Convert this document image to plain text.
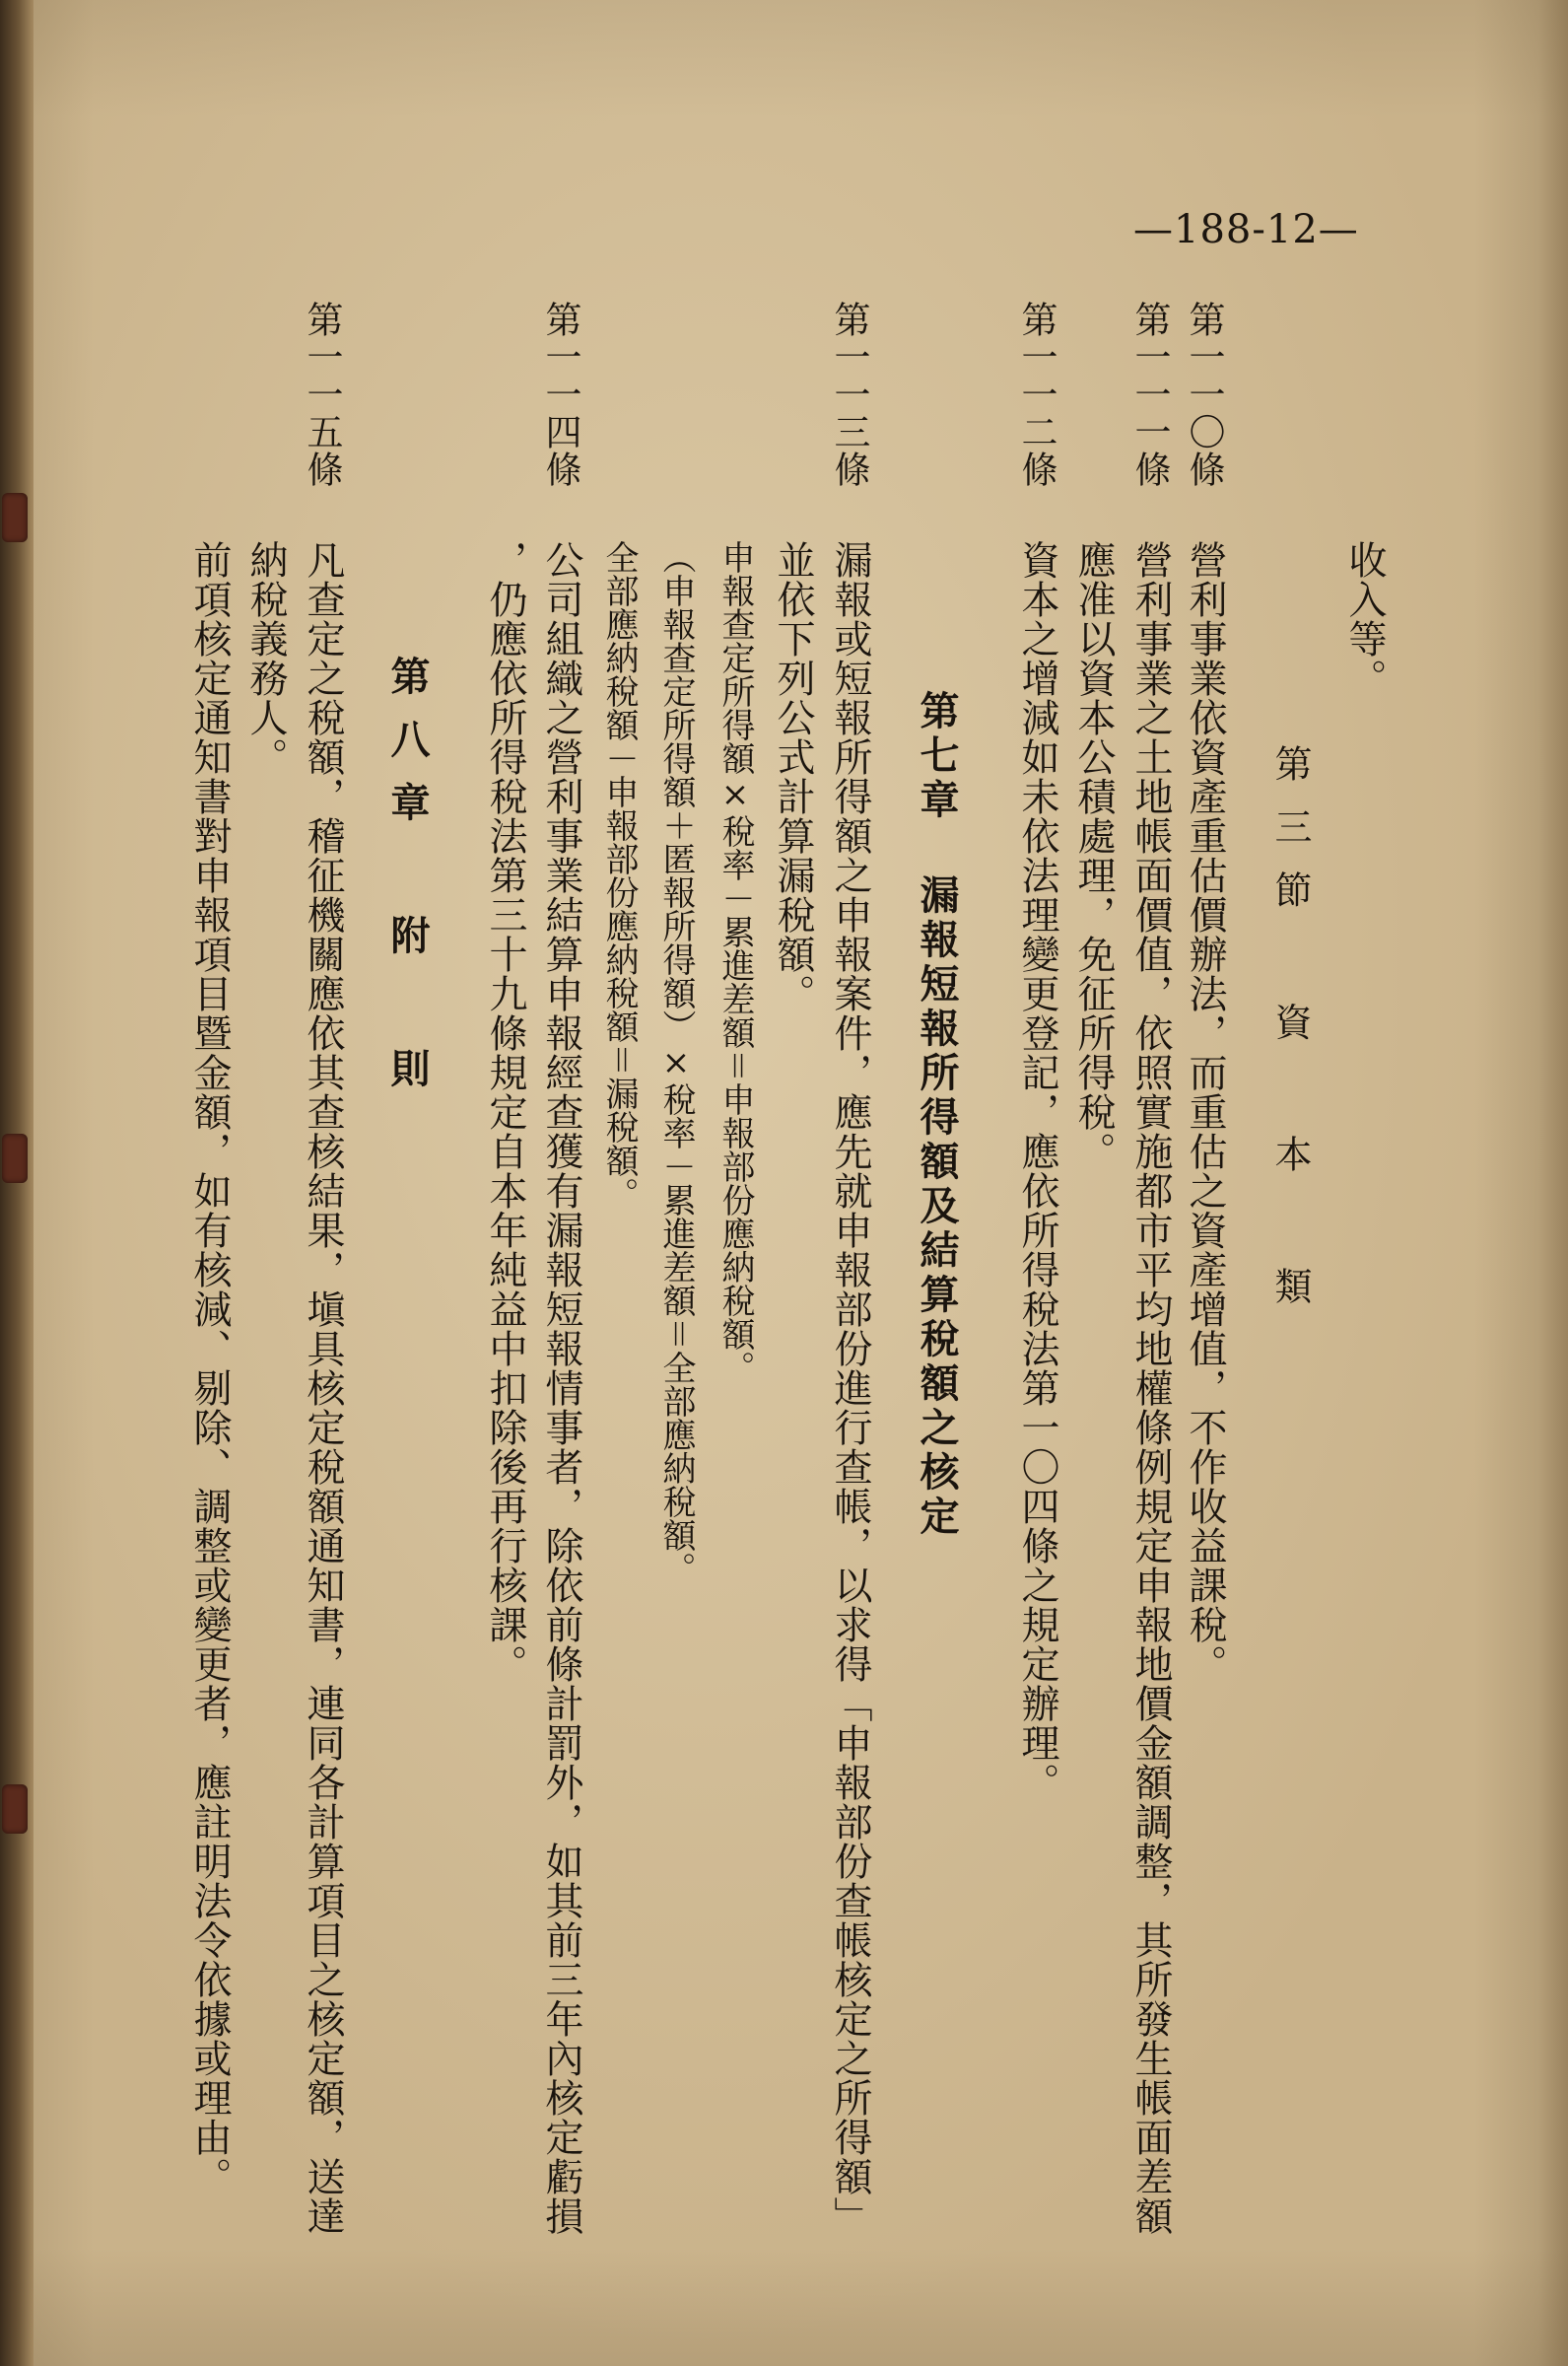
—188-12—
收入等。
第三節 資 本 類
第一一〇條
營利事業依資產重估價辦法，而重估之資產增值，不作收益課稅。
第一一一條
營利事業之土地帳面價值，依照實施都市平均地權條例規定申報地價金額調整，其所發生帳面差額
應准以資本公積處理，免征所得稅。
第一一二條
資本之增減如未依法理變更登記，應依所得稅法第一〇四條之規定辦理。
第七章 漏報短報所得額及結算稅額之核定
第一一三條
漏報或短報所得額之申報案件，應先就申報部份進行查帳，以求得「申報部份查帳核定之所得額」
並依下列公式計算漏稅額。
申報查定所得額×稅率－累進差額＝申報部份應納稅額。
（申報查定所得額＋匿報所得額）×稅率－累進差額＝全部應納稅額。
全部應納稅額－申報部份應納稅額＝漏稅額。
第一一四條
公司組織之營利事業結算申報經查獲有漏報短報情事者，除依前條計罰外，如其前三年內核定虧損
，仍應依所得稅法第三十九條規定自本年純益中扣除後再行核課。
第八章 附 則
第一一五條
凡查定之稅額，稽征機關應依其查核結果，塡具核定稅額通知書，連同各計算項目之核定額，送達
納稅義務人。
前項核定通知書對申報項目暨金額，如有核減、剔除、調整或變更者，應註明法令依據或理由。
